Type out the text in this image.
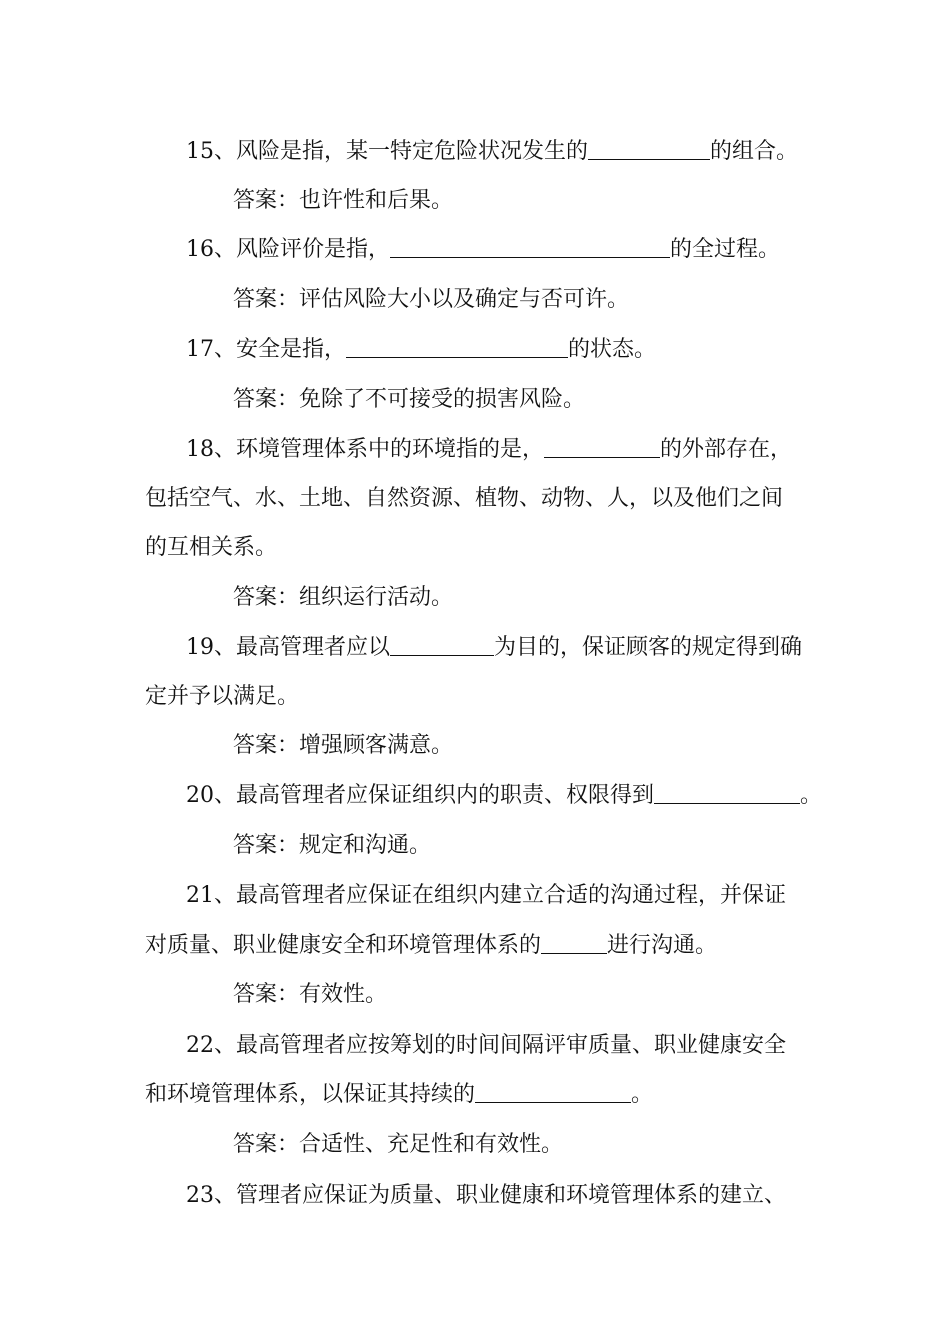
15、风险是指，某一特定危险状况发生的	的组合。
答案：也许性和后果。
16、风险评价是指，	的全过程。
答案：评估风险大小以及确定与否可许。
17、安全是指，	的状态。
答案：免除了不可接受的损害风险。
18、环境管理体系中的环境指的是，	的外部存在，
包括空气、水、土地、自然资源、植物、动物、人，以及他们之间
的互相关系。
答案：组织运行活动。
19、最高管理者应以	为目的，保证顾客的规定得到确
定并予以满足。
答案：增强顾客满意。
20、最高管理者应保证组织内的职责、权限得到	。
答案：规定和沟通。
21、最高管理者应保证在组织内建立合适的沟通过程，并保证
对质量、职业健康安全和环境管理体系的	进行沟通。
答案：有效性。
22、最高管理者应按筹划的时间间隔评审质量、职业健康安全
和环境管理体系，以保证其持续的	。
答案：合适性、充足性和有效性。
23、管理者应保证为质量、职业健康和环境管理体系的建立、
